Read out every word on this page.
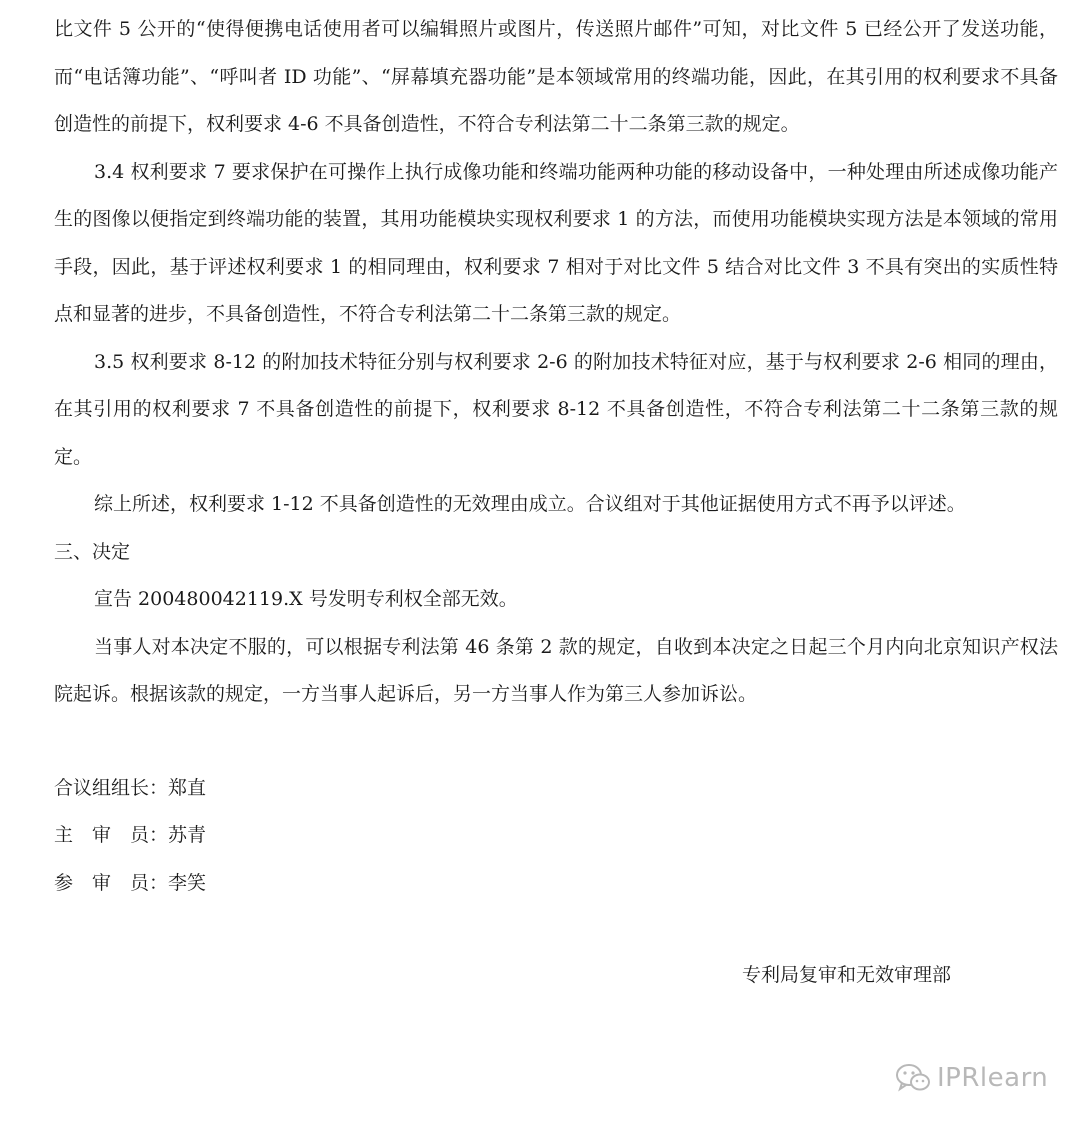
比文件 5 公开的“使得便携电话使用者可以编辑照片或图片，传送照片邮件”可知，对比文件 5 已经公开了发送功能，而“电话簿功能”、“呼叫者 ID 功能”、“屏幕填充器功能”是本领域常用的终端功能，因此，在其引用的权利要求不具备创造性的前提下，权利要求 4-6 不具备创造性，不符合专利法第二十二条第三款的规定。

3.4 权利要求 7 要求保护在可操作上执行成像功能和终端功能两种功能的移动设备中，一种处理由所述成像功能产生的图像以便指定到终端功能的装置，其用功能模块实现权利要求 1 的方法，而使用功能模块实现方法是本领域的常用手段，因此，基于评述权利要求 1 的相同理由，权利要求 7 相对于对比文件 5 结合对比文件 3 不具有突出的实质性特点和显著的进步，不具备创造性，不符合专利法第二十二条第三款的规定。

3.5 权利要求 8-12 的附加技术特征分别与权利要求 2-6 的附加技术特征对应，基于与权利要求 2-6 相同的理由，在其引用的权利要求 7 不具备创造性的前提下，权利要求 8-12 不具备创造性，不符合专利法第二十二条第三款的规定。

综上所述，权利要求 1-12 不具备创造性的无效理由成立。合议组对于其他证据使用方式不再予以评述。

三、决定

宣告 200480042119.X 号发明专利权全部无效。

当事人对本决定不服的，可以根据专利法第 46 条第 2 款的规定，自收到本决定之日起三个月内向北京知识产权法院起诉。根据该款的规定，一方当事人起诉后，另一方当事人作为第三人参加诉讼。

合议组组长：郑直

主　审　员：苏青

参　审　员：李笑

专利局复审和无效审理部

IPRlearn
